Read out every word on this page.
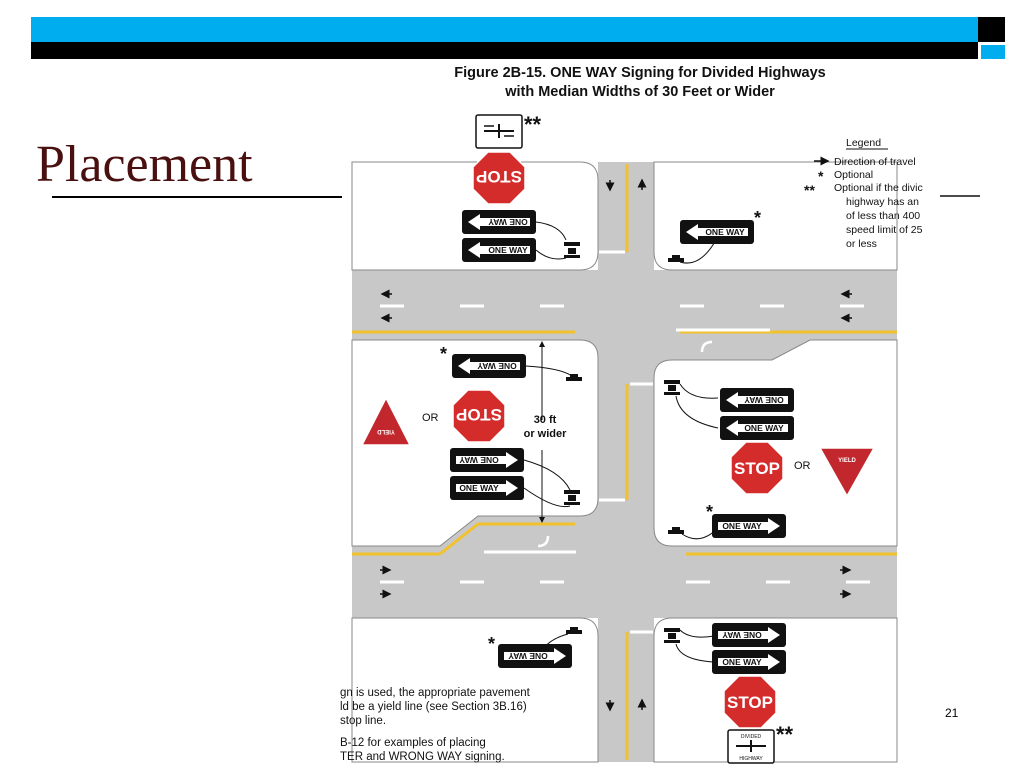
Placement
Figure 2B-15. ONE WAY Signing for Divided Highways
with Median Widths of 30 Feet or Wider
30 ft
or wider
**
STOP
STOP
STOP
STOP
YIELD
YIELD
OR
OR
ONE WAY
ONE WAY
ONE WAY
*
ONE WAY
*
ONE WAY
ONE WAY
ONE WAY
ONE WAY
ONE WAY
*
ONE WAY
*	ONE WAY
ONE WAY
DIVIDED
HIGHWAY
**
Legend
Direction of travel
* Optional
** Optional if the divic
highway has an
of less than 400
speed limit of 25
or less
gn is used, the appropriate pavement
ld be a yield line (see Section 3B.16)
stop line.
B-12 for examples of placing
TER and WRONG WAY signing.
21
